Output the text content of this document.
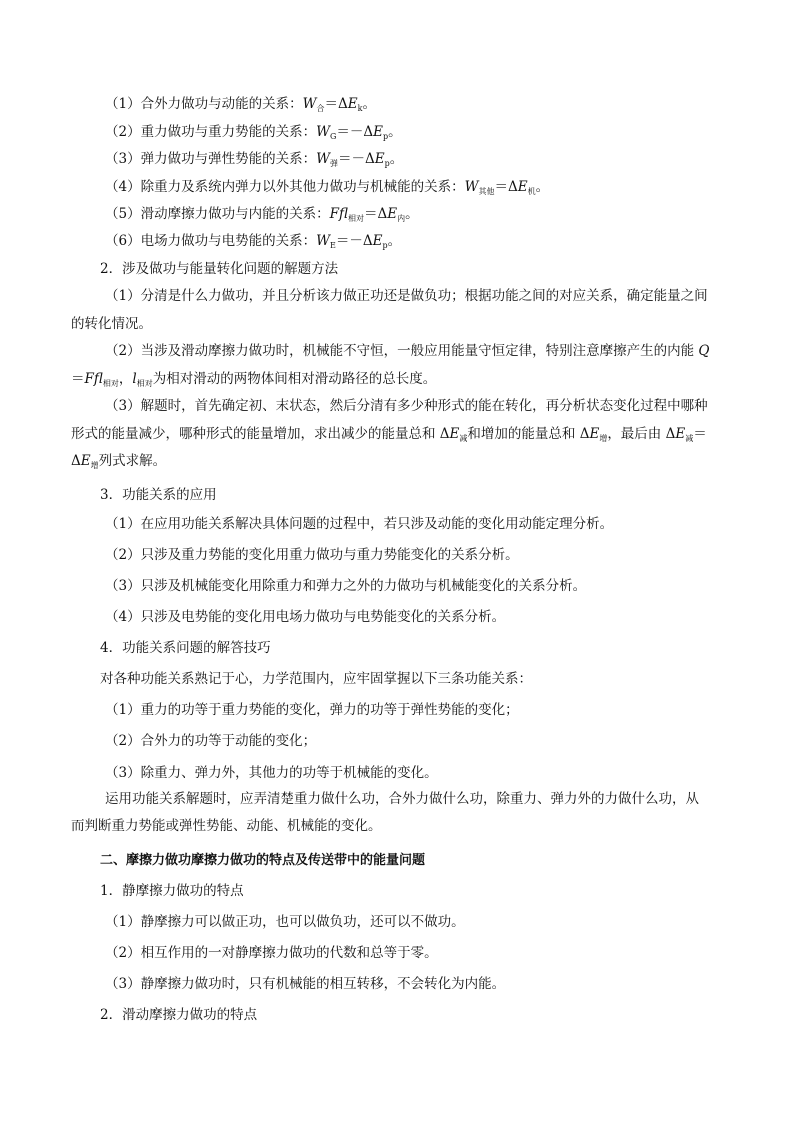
（1）合外力做功与动能的关系：$W_合=\Delta E_k$。
（2）重力做功与重力势能的关系：$W_G=-\Delta E_p$。
（3）弹力做功与弹性势能的关系：$W_弹=-\Delta E_p$。
（4）除重力及系统内弹力以外其他力做功与机械能的关系：$W_{其他}=\Delta E_机$。
（5）滑动摩擦力做功与内能的关系：$Ffl_{相对}=\Delta E_内$。
（6）电场力做功与电势能的关系：$W_E=-\Delta E_p$。
2．涉及做功与能量转化问题的解题方法
（1）分清是什么力做功，并且分析该力做正功还是做负功；根据功能之间的对应关系，确定能量之间
的转化情况。
（2）当涉及滑动摩擦力做功时，机械能不守恒，一般应用能量守恒定律，特别注意摩擦产生的内能 Q
＝Ffl$_{相对}$，$l_{相对}$为相对滑动的两物体间相对滑动路径的总长度。
（3）解题时，首先确定初、末状态，然后分清有多少种形式的能在转化，再分析状态变化过程中哪种
形式的能量减少，哪种形式的能量增加，求出减少的能量总和 $\Delta E_减$和增加的能量总和 $\Delta E_增$，最后由 $\Delta E_减=$
$\Delta E_增$列式求解。
3．功能关系的应用
（1）在应用功能关系解决具体问题的过程中，若只涉及动能的变化用动能定理分析。
（2）只涉及重力势能的变化用重力做功与重力势能变化的关系分析。
（3）只涉及机械能变化用除重力和弹力之外的力做功与机械能变化的关系分析。
（4）只涉及电势能的变化用电场力做功与电势能变化的关系分析。
4．功能关系问题的解答技巧
对各种功能关系熟记于心，力学范围内，应牢固掌握以下三条功能关系：
（1）重力的功等于重力势能的变化，弹力的功等于弹性势能的变化；
（2）合外力的功等于动能的变化；
（3）除重力、弹力外，其他力的功等于机械能的变化。
运用功能关系解题时，应弄清楚重力做什么功，合外力做什么功，除重力、弹力外的力做什么功，从
而判断重力势能或弹性势能、动能、机械能的变化。
二、摩擦力做功摩擦力做功的特点及传送带中的能量问题
1．静摩擦力做功的特点
（1）静摩擦力可以做正功，也可以做负功，还可以不做功。
（2）相互作用的一对静摩擦力做功的代数和总等于零。
（3）静摩擦力做功时，只有机械能的相互转移，不会转化为内能。
2．滑动摩擦力做功的特点
